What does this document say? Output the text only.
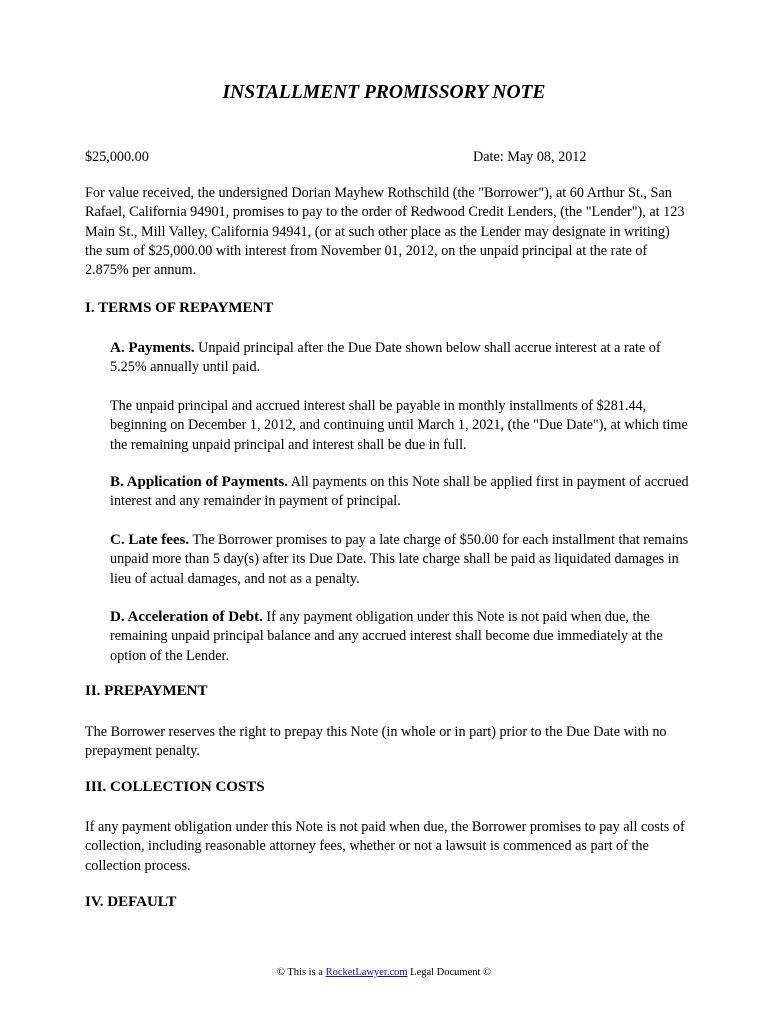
INSTALLMENT PROMISSORY NOTE
$25,000.00	Date: May 08, 2012

For value received, the undersigned Dorian Mayhew Rothschild (the "Borrower"), at 60 Arthur St., San Rafael, California 94901, promises to pay to the order of Redwood Credit Lenders, (the "Lender"), at 123 Main St., Mill Valley, California 94941, (or at such other place as the Lender may designate in writing) the sum of $25,000.00 with interest from November 01, 2012, on the unpaid principal at the rate of 2.875% per annum.

I. TERMS OF REPAYMENT

A. Payments. Unpaid principal after the Due Date shown below shall accrue interest at a rate of 5.25% annually until paid.

The unpaid principal and accrued interest shall be payable in monthly installments of $281.44, beginning on December 1, 2012, and continuing until March 1, 2021, (the "Due Date"), at which time the remaining unpaid principal and interest shall be due in full.

B. Application of Payments. All payments on this Note shall be applied first in payment of accrued interest and any remainder in payment of principal.

C. Late fees. The Borrower promises to pay a late charge of $50.00 for each installment that remains unpaid more than 5 day(s) after its Due Date. This late charge shall be paid as liquidated damages in lieu of actual damages, and not as a penalty.

D. Acceleration of Debt. If any payment obligation under this Note is not paid when due, the remaining unpaid principal balance and any accrued interest shall become due immediately at the option of the Lender.

II. PREPAYMENT

The Borrower reserves the right to prepay this Note (in whole or in part) prior to the Due Date with no prepayment penalty.

III. COLLECTION COSTS

If any payment obligation under this Note is not paid when due, the Borrower promises to pay all costs of collection, including reasonable attorney fees, whether or not a lawsuit is commenced as part of the collection process.

IV. DEFAULT
© This is a RocketLawyer.com Legal Document ©
